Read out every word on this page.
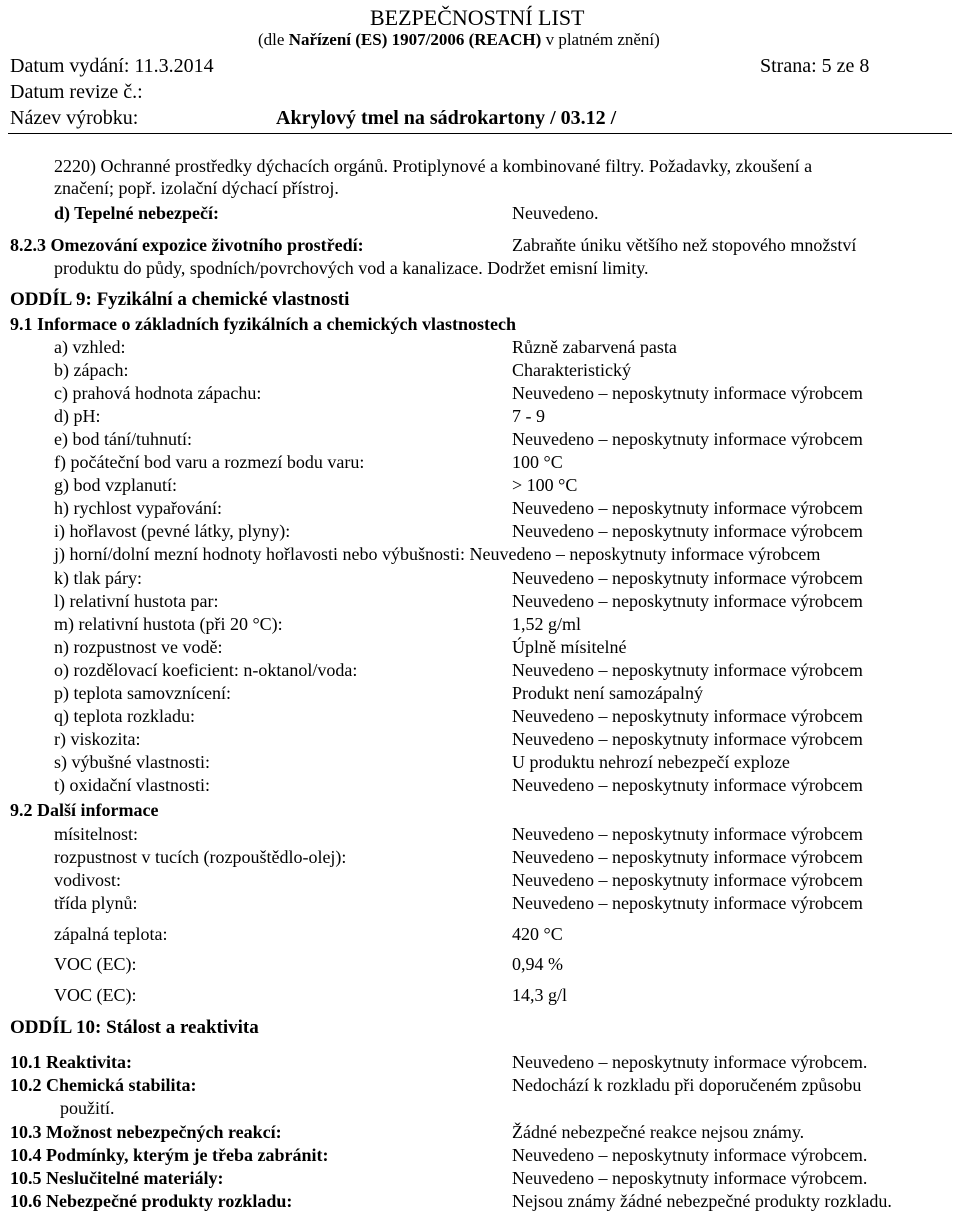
BEZPEČNOSTNÍ LIST
(dle Nařízení (ES) 1907/2006 (REACH) v platném znění)
Datum vydání: 11.3.2014	Strana: 5 ze 8
Datum revize č.:
Název výrobku:	Akrylový tmel na sádrokartony / 03.12 /
2220) Ochranné prostředky dýchacích orgánů. Protiplynové a kombinované filtry. Požadavky, zkoušení a
značení; popř. izolační dýchací přístroj.
d) Tepelné nebezpečí:	Neuvedeno.
8.2.3 Omezování expozice životního prostředí:	Zabraňte úniku většího než stopového množství
produktu do půdy, spodních/povrchových vod a kanalizace. Dodržet emisní limity.
ODDÍL 9: Fyzikální a chemické vlastnosti
9.1 Informace o základních fyzikálních a chemických vlastnostech
a) vzhled:	Různě zabarvená pasta
b) zápach:	Charakteristický
c) prahová hodnota zápachu:	Neuvedeno – neposkytnuty informace výrobcem
d) pH:	7 - 9
e) bod tání/tuhnutí:	Neuvedeno – neposkytnuty informace výrobcem
f) počáteční bod varu a rozmezí bodu varu:	100 °C
g) bod vzplanutí:	> 100 °C
h) rychlost vypařování:	Neuvedeno – neposkytnuty informace výrobcem
i) hořlavost (pevné látky, plyny):	Neuvedeno – neposkytnuty informace výrobcem
j) horní/dolní mezní hodnoty hořlavosti nebo výbušnosti: Neuvedeno – neposkytnuty informace výrobcem
k) tlak páry:	Neuvedeno – neposkytnuty informace výrobcem
l) relativní hustota par:	Neuvedeno – neposkytnuty informace výrobcem
m) relativní hustota (při 20 °C):	1,52 g/ml
n) rozpustnost ve vodě:	Úplně mísitelné
o) rozdělovací koeficient: n-oktanol/voda:	Neuvedeno – neposkytnuty informace výrobcem
p) teplota samovznícení:	Produkt není samozápalný
q) teplota rozkladu:	Neuvedeno – neposkytnuty informace výrobcem
r) viskozita:	Neuvedeno – neposkytnuty informace výrobcem
s) výbušné vlastnosti:	U produktu nehrozí nebezpečí exploze
t) oxidační vlastnosti:	Neuvedeno – neposkytnuty informace výrobcem
9.2 Další informace
mísitelnost:	Neuvedeno – neposkytnuty informace výrobcem
rozpustnost v tucích (rozpouštědlo-olej):	Neuvedeno – neposkytnuty informace výrobcem
vodivost:	Neuvedeno – neposkytnuty informace výrobcem
třída plynů:	Neuvedeno – neposkytnuty informace výrobcem
zápalná teplota:	420 °C
VOC (EC):	0,94 %
VOC (EC):	14,3 g/l
ODDÍL 10: Stálost a reaktivita
10.1 Reaktivita:	Neuvedeno – neposkytnuty informace výrobcem.
10.2 Chemická stabilita:	Nedochází k rozkladu při doporučeném způsobu
použití.
10.3 Možnost nebezpečných reakcí:	Žádné nebezpečné reakce nejsou známy.
10.4 Podmínky, kterým je třeba zabránit:	Neuvedeno – neposkytnuty informace výrobcem.
10.5 Neslučitelné materiály:	Neuvedeno – neposkytnuty informace výrobcem.
10.6 Nebezpečné produkty rozkladu:	Nejsou známy žádné nebezpečné produkty rozkladu.
